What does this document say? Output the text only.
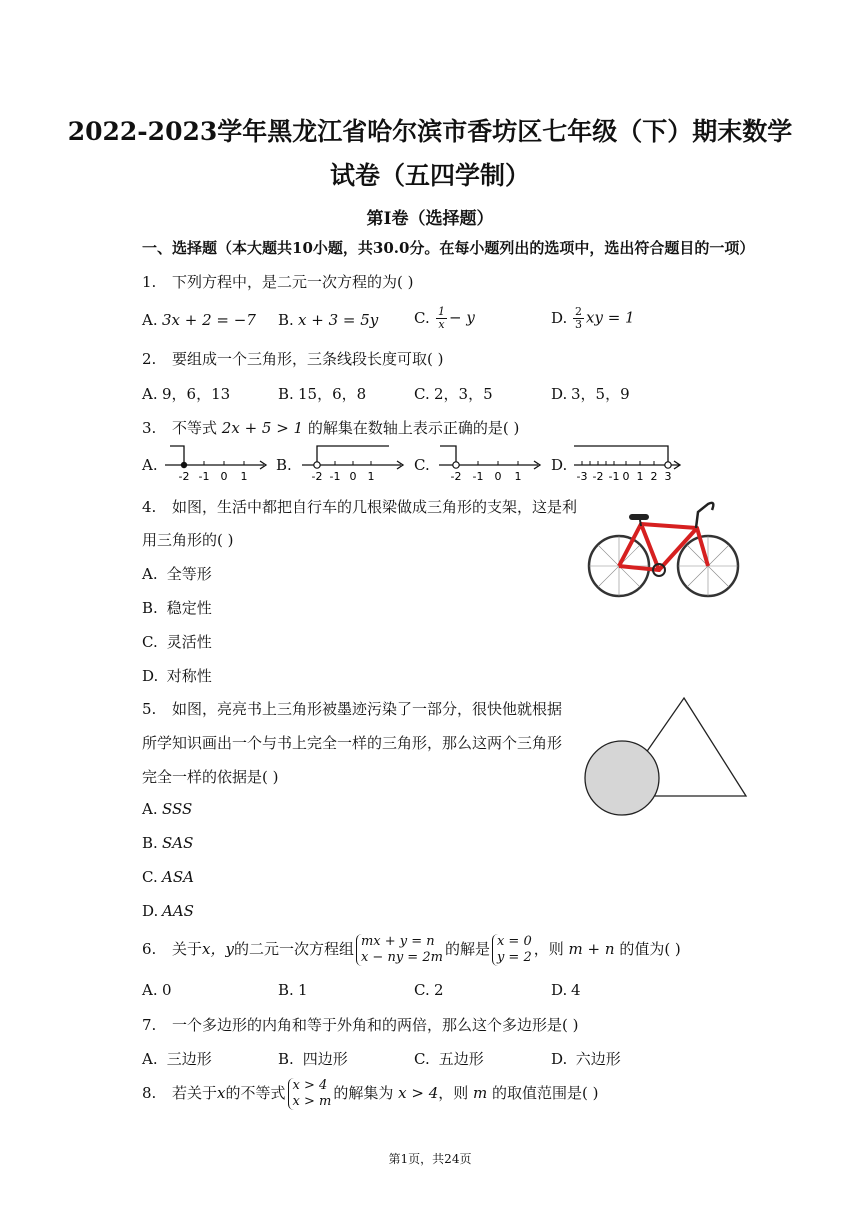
2022-2023学年黑龙江省哈尔滨市香坊区七年级（下）期末数学
试卷（五四学制）
第I卷（选择题）
一、选择题（本大题共10小题，共30.0分。在每小题列出的选项中，选出符合题目的一项）
1. 下列方程中，是二元一次方程的为( )
A. 3x + 2 = −7 B. x + 3 = 5y C. $\frac{1}{x} - y$	D. $\frac{2}{3}$ xy = 1
2. 要组成一个三角形，三条线段长度可取( )
A. 9，6，13	B. 15，6，8	C. 2，3，5	D. 3，5，9
3. 不等式 2x + 5 > 1 的解集在数轴上表示正确的是( )
A.	B.	C.	D.
-2 -1 0 1	-2 -1 0 1	-2 -1 0 1	-3 -2 -1 0 1 2 3
4. 如图，生活中都把自行车的几根梁做成三角形的支架，这是利
用三角形的( )
A. 全等形
B. 稳定性
C. 灵活性
D. 对称性
5. 如图，亮亮书上三角形被墨迹污染了一部分，很快他就根据
所学知识画出一个与书上完全一样的三角形，那么这两个三角形
完全一样的依据是( )
A. SSS
B. SAS
C. ASA
D. AAS
6. 关于x，y的二元一次方程组 mx + y = n
x − ny = 2m 的解是 x = 0
y = 2 ，则 m + n 的值为( )
A. 0	B. 1	C. 2	D. 4
7. 一个多边形的内角和等于外角和的两倍，那么这个多边形是( )
A. 三边形	B. 四边形	C. 五边形	D. 六边形
8. 若关于x的不等式 x > 4
x > m 的解集为 x > 4，则 m 的取值范围是( )
第1页，共24页
